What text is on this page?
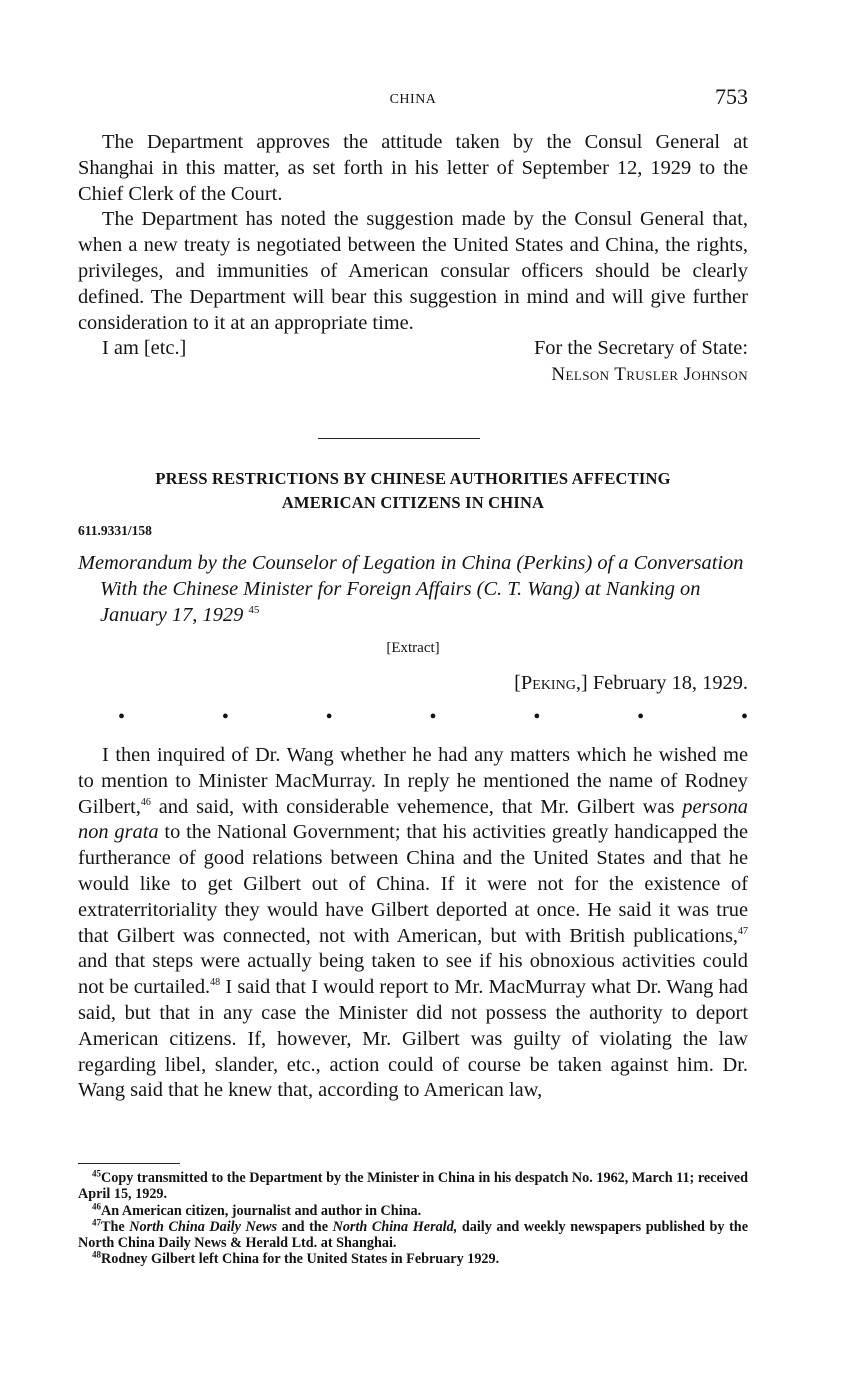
CHINA	753

The Department approves the attitude taken by the Consul General at Shanghai in this matter, as set forth in his letter of September 12, 1929 to the Chief Clerk of the Court.

The Department has noted the suggestion made by the Consul General that, when a new treaty is negotiated between the United States and China, the rights, privileges, and immunities of American consular officers should be clearly defined. The Department will bear this suggestion in mind and will give further consideration to it at an appropriate time.

I am [etc.]	For the Secretary of State:
Nelson Trusler Johnson
PRESS RESTRICTIONS BY CHINESE AUTHORITIES AFFECTING
AMERICAN CITIZENS IN CHINA
611.9331/158
Memorandum by the Counselor of Legation in China (Perkins) of a Conversation With the Chinese Minister for Foreign Affairs (C. T. Wang) at Nanking on January 17, 1929 $^{45}$
[Extract]
[Peking,] February 18, 1929.
•	•	•	•	•	•	•

I then inquired of Dr. Wang whether he had any matters which he wished me to mention to Minister MacMurray. In reply he mentioned the name of Rodney Gilbert,$^{46}$ and said, with considerable vehemence, that Mr. Gilbert was persona non grata to the National Government; that his activities greatly handicapped the furtherance of good relations between China and the United States and that he would like to get Gilbert out of China. If it were not for the existence of extraterritoriality they would have Gilbert deported at once. He said it was true that Gilbert was connected, not with American, but with British publications,$^{47}$ and that steps were actually being taken to see if his obnoxious activities could not be curtailed.$^{48}$ I said that I would report to Mr. MacMurray what Dr. Wang had said, but that in any case the Minister did not possess the authority to deport American citizens. If, however, Mr. Gilbert was guilty of violating the law regarding libel, slander, etc., action could of course be taken against him. Dr. Wang said that he knew that, according to American law,

$^{45}$Copy transmitted to the Department by the Minister in China in his despatch No. 1962, March 11; received April 15, 1929.
$^{46}$An American citizen, journalist and author in China.
$^{47}$The North China Daily News and the North China Herald, daily and weekly newspapers published by the North China Daily News & Herald Ltd. at Shanghai.
$^{48}$Rodney Gilbert left China for the United States in February 1929.
